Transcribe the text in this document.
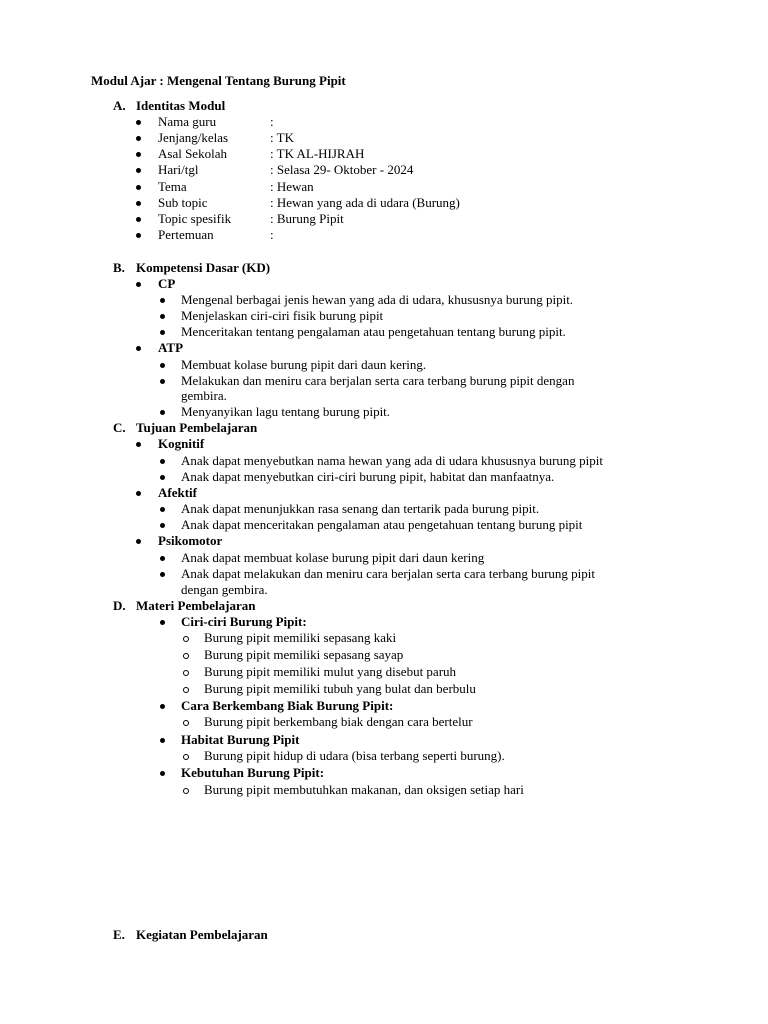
Modul Ajar : Mengenal Tentang Burung Pipit
A. Identitas Modul
Nama guru	:
Jenjang/kelas	: TK
Asal Sekolah	: TK AL-HIJRAH
Hari/tgl	: Selasa 29- Oktober - 2024
Tema	: Hewan
Sub topic	: Hewan yang ada di udara (Burung)
Topic spesifik	: Burung Pipit
Pertemuan	:
B. Kompetensi Dasar (KD)
CP
Mengenal berbagai jenis hewan yang ada di udara, khususnya burung pipit.
Menjelaskan ciri-ciri fisik burung pipit
Menceritakan tentang pengalaman atau pengetahuan tentang burung pipit.
ATP
Membuat kolase burung pipit dari daun kering.
Melakukan dan meniru cara berjalan serta cara terbang burung pipit dengan
gembira.
Menyanyikan lagu tentang burung pipit.
C. Tujuan Pembelajaran
Kognitif
Anak dapat menyebutkan nama hewan yang ada di udara khususnya burung pipit
Anak dapat menyebutkan ciri-ciri burung pipit, habitat dan manfaatnya.
Afektif
Anak dapat menunjukkan rasa senang dan tertarik pada burung pipit.
Anak dapat menceritakan pengalaman atau pengetahuan tentang burung pipit
Psikomotor
Anak dapat membuat kolase burung pipit dari daun kering
Anak dapat melakukan dan meniru cara berjalan serta cara terbang burung pipit
dengan gembira.
D. Materi Pembelajaran
Ciri-ciri Burung Pipit:
Burung pipit memiliki sepasang kaki
Burung pipit memiliki sepasang sayap
Burung pipit memiliki mulut yang disebut paruh
Burung pipit memiliki tubuh yang bulat dan berbulu
Cara Berkembang Biak Burung Pipit:
Burung pipit berkembang biak dengan cara bertelur
Habitat Burung Pipit
Burung pipit hidup di udara (bisa terbang seperti burung).
Kebutuhan Burung Pipit:
Burung pipit membutuhkan makanan, dan oksigen setiap hari
E. Kegiatan Pembelajaran
